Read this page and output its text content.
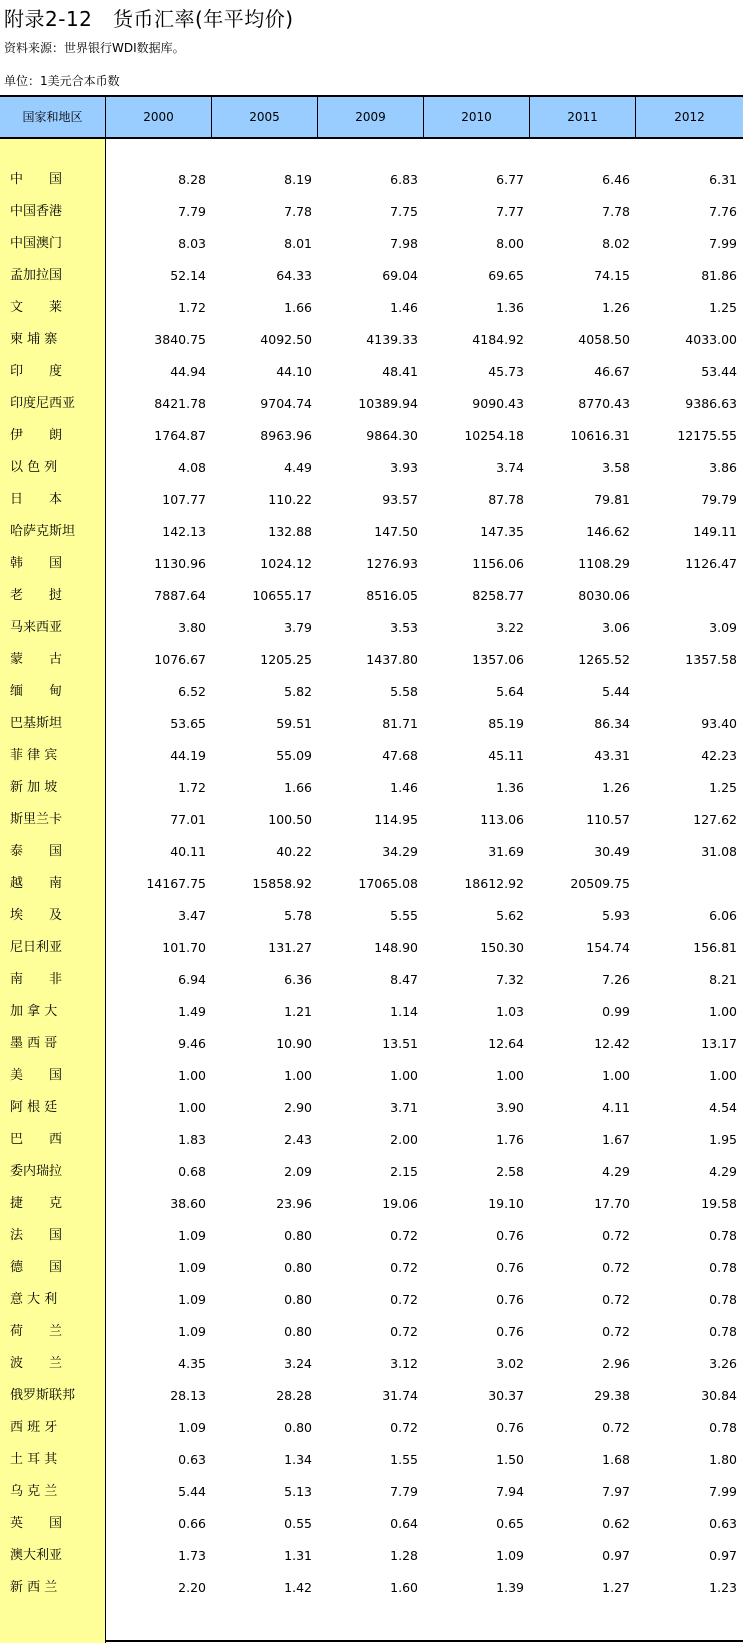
附录2-12   货币汇率(年平均价)
资料来源：世界银行WDI数据库。
单位：1美元合本币数
国家和地区	2000	2005	2009	2010	2011	2012
中　　国	8.28	8.19	6.83	6.77	6.46	6.31
中国香港	7.79	7.78	7.75	7.77	7.78	7.76
中国澳门	8.03	8.01	7.98	8.00	8.02	7.99
孟加拉国	52.14	64.33	69.04	69.65	74.15	81.86
文　　莱	1.72	1.66	1.46	1.36	1.26	1.25
柬 埔 寨	3840.75	4092.50	4139.33	4184.92	4058.50	4033.00
印　　度	44.94	44.10	48.41	45.73	46.67	53.44
印度尼西亚	8421.78	9704.74	10389.94	9090.43	8770.43	9386.63
伊　　朗	1764.87	8963.96	9864.30	10254.18	10616.31	12175.55
以 色 列	4.08	4.49	3.93	3.74	3.58	3.86
日　　本	107.77	110.22	93.57	87.78	79.81	79.79
哈萨克斯坦	142.13	132.88	147.50	147.35	146.62	149.11
韩　　国	1130.96	1024.12	1276.93	1156.06	1108.29	1126.47
老　　挝	7887.64	10655.17	8516.05	8258.77	8030.06
马来西亚	3.80	3.79	3.53	3.22	3.06	3.09
蒙　　古	1076.67	1205.25	1437.80	1357.06	1265.52	1357.58
缅　　甸	6.52	5.82	5.58	5.64	5.44
巴基斯坦	53.65	59.51	81.71	85.19	86.34	93.40
菲 律 宾	44.19	55.09	47.68	45.11	43.31	42.23
新 加 坡	1.72	1.66	1.46	1.36	1.26	1.25
斯里兰卡	77.01	100.50	114.95	113.06	110.57	127.62
泰　　国	40.11	40.22	34.29	31.69	30.49	31.08
越　　南	14167.75	15858.92	17065.08	18612.92	20509.75
埃　　及	3.47	5.78	5.55	5.62	5.93	6.06
尼日利亚	101.70	131.27	148.90	150.30	154.74	156.81
南　　非	6.94	6.36	8.47	7.32	7.26	8.21
加 拿 大	1.49	1.21	1.14	1.03	0.99	1.00
墨 西 哥	9.46	10.90	13.51	12.64	12.42	13.17
美　　国	1.00	1.00	1.00	1.00	1.00	1.00
阿 根 廷	1.00	2.90	3.71	3.90	4.11	4.54
巴　　西	1.83	2.43	2.00	1.76	1.67	1.95
委内瑞拉	0.68	2.09	2.15	2.58	4.29	4.29
捷　　克	38.60	23.96	19.06	19.10	17.70	19.58
法　　国	1.09	0.80	0.72	0.76	0.72	0.78
德　　国	1.09	0.80	0.72	0.76	0.72	0.78
意 大 利	1.09	0.80	0.72	0.76	0.72	0.78
荷　　兰	1.09	0.80	0.72	0.76	0.72	0.78
波　　兰	4.35	3.24	3.12	3.02	2.96	3.26
俄罗斯联邦	28.13	28.28	31.74	30.37	29.38	30.84
西 班 牙	1.09	0.80	0.72	0.76	0.72	0.78
土 耳 其	0.63	1.34	1.55	1.50	1.68	1.80
乌 克 兰	5.44	5.13	7.79	7.94	7.97	7.99
英　　国	0.66	0.55	0.64	0.65	0.62	0.63
澳大利亚	1.73	1.31	1.28	1.09	0.97	0.97
新 西 兰	2.20	1.42	1.60	1.39	1.27	1.23
